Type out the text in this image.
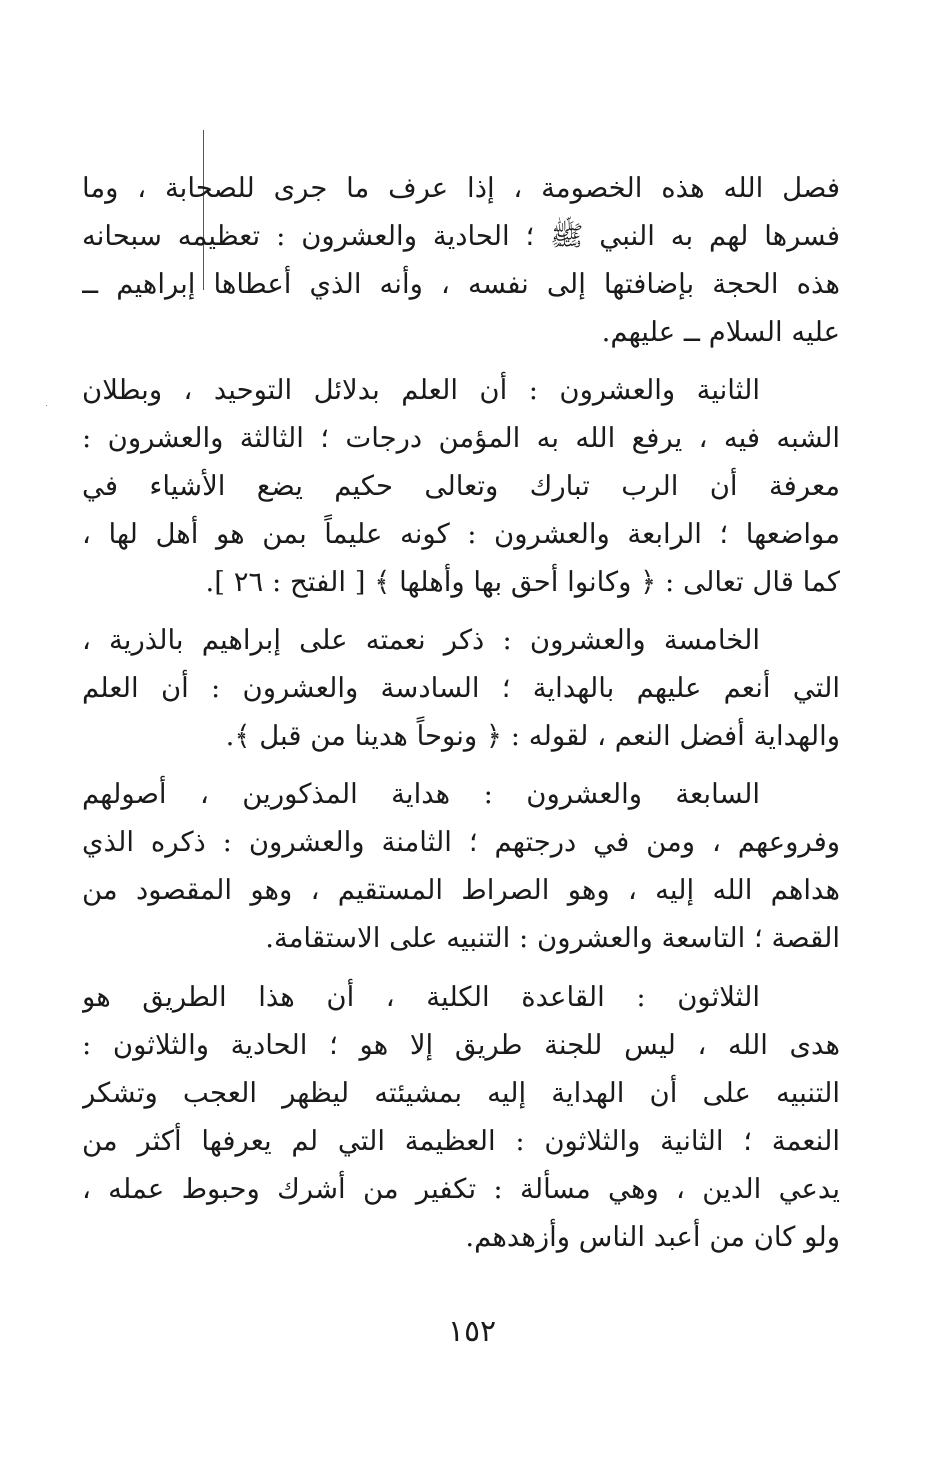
فصل الله هذه الخصومة ، إذا عرف ما جرى للصحابة ، وما
فسرها لهم به النبي ﷺ ؛ الحادية والعشرون : تعظيمه سبحانه
هذه الحجة بإضافتها إلى نفسه ، وأنه الذي أعطاها إبراهيم ــ
عليه السلام ــ عليهم.
الثانية والعشرون : أن العلم بدلائل التوحيد ، وبطلان
الشبه فيه ، يرفع الله به المؤمن درجات ؛ الثالثة والعشرون :
معرفة أن الرب تبارك وتعالى حكيم يضع الأشياء في
مواضعها ؛ الرابعة والعشرون : كونه عليماً بمن هو أهل لها ،
كما قال تعالى : ﴿ وكانوا أحق بها وأهلها ﴾ [ الفتح : ٢٦ ].
الخامسة والعشرون : ذكر نعمته على إبراهيم بالذرية ،
التي أنعم عليهم بالهداية ؛ السادسة والعشرون : أن العلم
والهداية أفضل النعم ، لقوله : ﴿ ونوحاً هدينا من قبل ﴾.
السابعة والعشرون : هداية المذكورين ، أصولهم
وفروعهم ، ومن في درجتهم ؛ الثامنة والعشرون : ذكره الذي
هداهم الله إليه ، وهو الصراط المستقيم ، وهو المقصود من
القصة ؛ التاسعة والعشرون : التنبيه على الاستقامة.
الثلاثون : القاعدة الكلية ، أن هذا الطريق هو
هدى الله ، ليس للجنة طريق إلا هو ؛ الحادية والثلاثون :
التنبيه على أن الهداية إليه بمشيئته ليظهر العجب وتشكر
النعمة ؛ الثانية والثلاثون : العظيمة التي لم يعرفها أكثر من
يدعي الدين ، وهي مسألة : تكفير من أشرك وحبوط عمله ،
ولو كان من أعبد الناس وأزهدهم.
١٥٢
